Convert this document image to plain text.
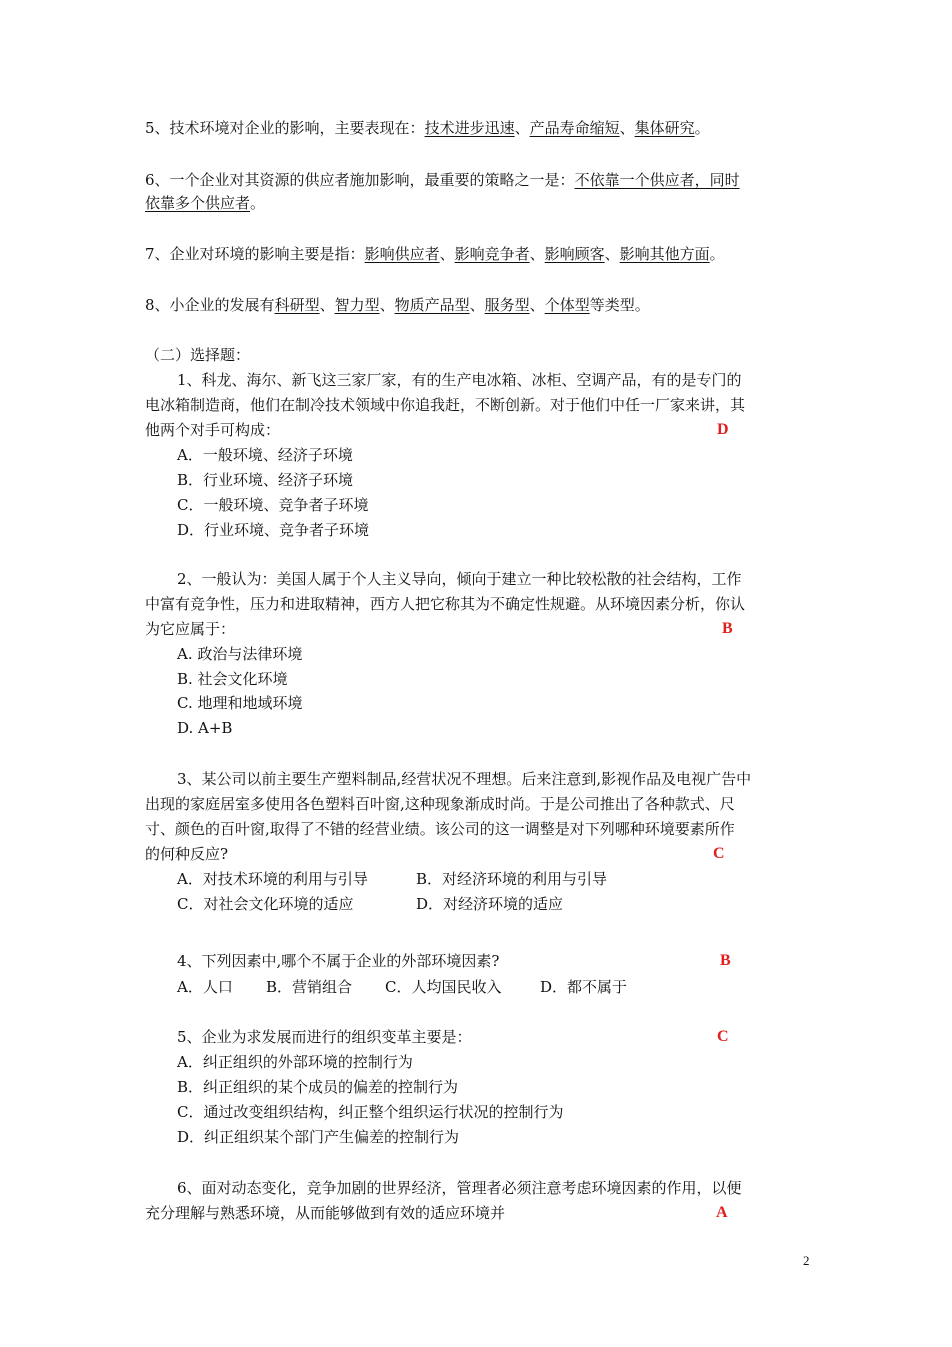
5、技术环境对企业的影响，主要表现在：技术进步迅速、产品寿命缩短、集体研究。
6、一个企业对其资源的供应者施加影响，最重要的策略之一是：不依靠一个供应者，同时
依靠多个供应者。
7、企业对环境的影响主要是指：影响供应者、影响竞争者、影响顾客、影响其他方面。
8、小企业的发展有科研型、智力型、物质产品型、服务型、个体型等类型。
（二）选择题：
1、科龙、海尔、新飞这三家厂家，有的生产电冰箱、冰柜、空调产品，有的是专门的
电冰箱制造商，他们在制冷技术领域中你追我赶，不断创新。对于他们中任一厂家来讲，其
他两个对手可构成：	D
A．一般环境、经济子环境
B．行业环境、经济子环境
C．一般环境、竞争者子环境
D．行业环境、竞争者子环境
2、一般认为：美国人属于个人主义导向，倾向于建立一种比较松散的社会结构，工作
中富有竞争性，压力和进取精神，西方人把它称其为不确定性规避。从环境因素分析，你认
为它应属于：	B
A. 政治与法律环境
B. 社会文化环境
C. 地理和地域环境
D. A+B
3、某公司以前主要生产塑料制品,经营状况不理想。后来注意到,影视作品及电视广告中
出现的家庭居室多使用各色塑料百叶窗,这种现象渐成时尚。于是公司推出了各种款式、尺
寸、颜色的百叶窗,取得了不错的经营业绩。该公司的这一调整是对下列哪种环境要素所作
的何种反应?	C
A．对技术环境的利用与引导	B．对经济环境的利用与引导
C．对社会文化环境的适应	D．对经济环境的适应
4、下列因素中,哪个不属于企业的外部环境因素?	B
A．人口 B．营销组合 C．人均国民收入	D．都不属于
5、企业为求发展而进行的组织变革主要是：	C
A．纠正组织的外部环境的控制行为
B．纠正组织的某个成员的偏差的控制行为
C．通过改变组织结构，纠正整个组织运行状况的控制行为
D．纠正组织某个部门产生偏差的控制行为
6、面对动态变化，竞争加剧的世界经济，管理者必须注意考虑环境因素的作用，以便
充分理解与熟悉环境，从而能够做到有效的适应环境并	A
2
